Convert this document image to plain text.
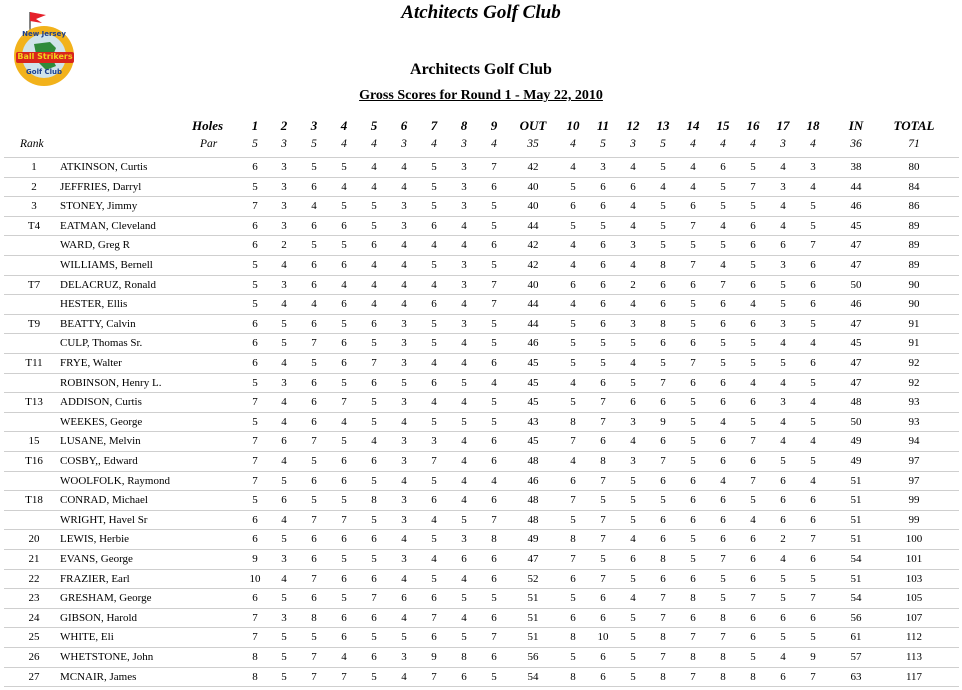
Atchitects Golf Club
New Jersey
Ball Strikers
Golf Club	Architects Golf Club
Gross Scores for Round 1 - May 22, 2010
Holes	1	2	3	4	5	6	7	8	9	OUT	10	11	12	13	14	15	16	17	18	IN	TOTAL
Rank	Par	5	3	5	4	4	3	4	3	4	35	4	5	3	5	4	4	4	3	4	36	71
1	ATKINSON, Curtis	6	3	5	5	4	4	5	3	7	42	4	3	4	5	4	6	5	4	3	38	80
2	JEFFRIES, Darryl	5	3	6	4	4	4	5	3	6	40	5	6	6	4	4	5	7	3	4	44	84
3	STONEY, Jimmy	7	3	4	5	5	3	5	3	5	40	6	6	4	5	6	5	5	4	5	46	86
T4	EATMAN, Cleveland	6	3	6	6	5	3	6	4	5	44	5	5	4	5	7	4	6	4	5	45	89
WARD, Greg R	6	2	5	5	6	4	4	4	6	42	4	6	3	5	5	5	6	6	7	47	89
WILLIAMS, Bernell	5	4	6	6	4	4	5	3	5	42	4	6	4	8	7	4	5	3	6	47	89
T7	DELACRUZ, Ronald	5	3	6	4	4	4	4	3	7	40	6	6	2	6	6	7	6	5	6	50	90
HESTER, Ellis	5	4	4	6	4	4	6	4	7	44	4	6	4	6	5	6	4	5	6	46	90
T9	BEATTY, Calvin	6	5	6	5	6	3	5	3	5	44	5	6	3	8	5	6	6	3	5	47	91
CULP, Thomas Sr.	6	5	7	6	5	3	5	4	5	46	5	5	5	6	6	5	5	4	4	45	91
T11	FRYE, Walter	6	4	5	6	7	3	4	4	6	45	5	5	4	5	7	5	5	5	6	47	92
ROBINSON, Henry L.	5	3	6	5	6	5	6	5	4	45	4	6	5	7	6	6	4	4	5	47	92
T13	ADDISON, Curtis	7	4	6	7	5	3	4	4	5	45	5	7	6	6	5	6	6	3	4	48	93
WEEKES, George	5	4	6	4	5	4	5	5	5	43	8	7	3	9	5	4	5	4	5	50	93
15	LUSANE, Melvin	7	6	7	5	4	3	3	4	6	45	7	6	4	6	5	6	7	4	4	49	94
T16	COSBY,, Edward	7	4	5	6	6	3	7	4	6	48	4	8	3	7	5	6	6	5	5	49	97
WOOLFOLK, Raymond	7	5	6	6	5	4	5	4	4	46	6	7	5	6	6	4	7	6	4	51	97
T18	CONRAD, Michael	5	6	5	5	8	3	6	4	6	48	7	5	5	5	6	6	5	6	6	51	99
WRIGHT, Havel Sr	6	4	7	7	5	3	4	5	7	48	5	7	5	6	6	6	4	6	6	51	99
20	LEWIS, Herbie	6	5	6	6	6	4	5	3	8	49	8	7	4	6	5	6	6	2	7	51	100
21	EVANS, George	9	3	6	5	5	3	4	6	6	47	7	5	6	8	5	7	6	4	6	54	101
22	FRAZIER, Earl	10	4	7	6	6	4	5	4	6	52	6	7	5	6	6	5	6	5	5	51	103
23	GRESHAM, George	6	5	6	5	7	6	6	5	5	51	5	6	4	7	8	5	7	5	7	54	105
24	GIBSON, Harold	7	3	8	6	6	4	7	4	6	51	6	6	5	7	6	8	6	6	6	56	107
25	WHITE, Eli	7	5	5	6	5	5	6	5	7	51	8	10	5	8	7	7	6	5	5	61	112
26	WHETSTONE, John	8	5	7	4	6	3	9	8	6	56	5	6	5	7	8	8	5	4	9	57	113
27	MCNAIR, James	8	5	7	7	5	4	7	6	5	54	8	6	5	8	7	8	8	6	7	63	117
